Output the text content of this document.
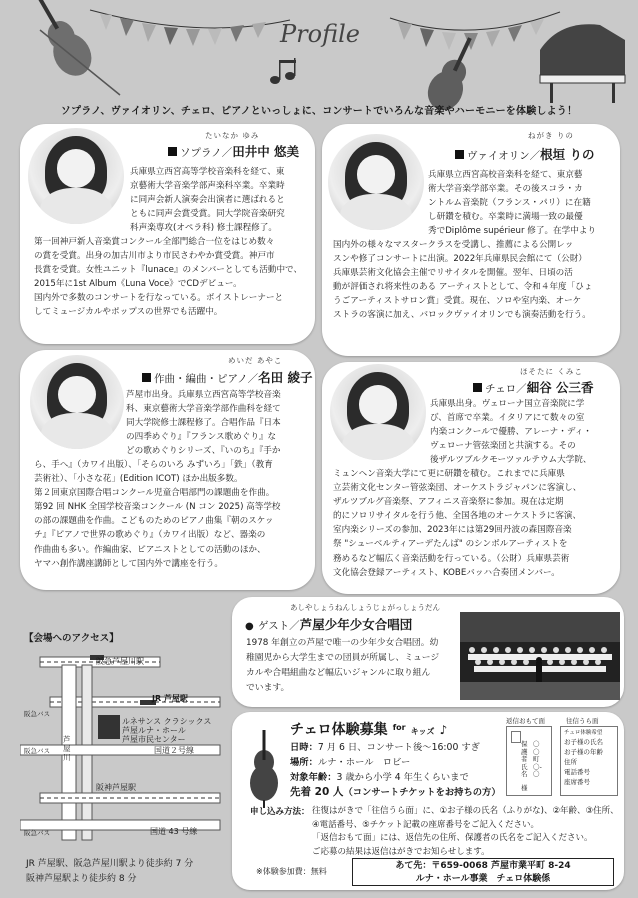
Profile
ソプラノ、ヴァイオリン、チェロ、ピアノといっしょに、コンサートでいろんな音楽やハーモニーを体験しよう！
たいなか ゆみ
ソプラノ／田井中 悠美

兵庫県立西宮高等学校音楽科を経て、東

京藝術大学音楽学部声楽科卒業。卒業時

に同声会新人演奏会出演者に選ばれると

ともに同声会賞受賞。同大学院音楽研究

科声楽専攻(オペラ科) 修士課程修了。

第一回神戸新人音楽賞コンクール全部門総合一位をはじめ数々

の賞を受賞。出身の加古川市より市民さわやか賞受賞。神戸市

長賞を受賞。女性ユニット『lunace』のメンバーとしても活動中で、

2015年に1st Album《Luna Voce》でCDデビュー。

国内外で多数のコンサートを行なっている。ボイストレーナーと

してミュージカルやポップスの世界でも活躍中。

ねがき りの
ヴァイオリン／根垣 りの

兵庫県立西宮高校音楽科を経て、東京藝

術大学音楽学部卒業。その後スコラ・カ

ントルム音楽院（フランス・パリ）に在籍

し研鑽を積む。卒業時に満場一致の最優

秀でDiplôme supérieur 修了。在学中より

国内外の様々なマスタークラスを受講し、推薦による公開レッ

スンや修了コンサートに出演。2022年兵庫県民会館にて（公財）

兵庫県芸術文化協会主催でリサイタルを開催。翌年、日頃の活

動が評価され将来性のある アーティストとして、令和４年度「ひょ

うごアーティストサロン賞」受賞。現在、ソロや室内楽、オーケ

ストラの客演に加え、バロックヴァイオリンでも演奏活動を行う。

めいだ あやこ
作曲・編曲・ピアノ／名田 綾子

芦屋市出身。兵庫県立西宮高等学校音楽

科、東京藝術大学音楽学部作曲科を経て

同大学院修士課程修了。合唱作品『日本

の四季めぐり』『フランス歌めぐり』な

どの歌めぐりシリーズ、『いのち』『手か

ら、手へ』（カワイ出版）、「そらのいろ みずいろ」「鉄」（教育

芸術社）、「小さな花」(Edition ICOT) ほか出版多数。

第２回東京国際合唱コンクール児童合唱部門の課題曲を作曲。

第92 回 NHK 全国学校音楽コンクール (N コン 2025) 高等学校

の部の課題曲を作曲。こどものためのピアノ曲集『朝のスケッ

チ』『ピアノで世界の歌めぐり』（カワイ出版）など、器楽の

作曲曲も多い。作編曲家、ピアニストとしての活動のほか、

ヤマハ創作講座講師として国内外で講座を行う。

ほそたに くみこ
チェロ／細谷 公三香

兵庫県出身。ヴェローナ国立音楽院に学

び、首席で卒業。イタリアにて数々の室

内楽コンクールで優勝、アレーナ・ディ・

ヴェローナ管弦楽団と共演する。その

後ザルツブルクモーツァルテウム大学院、

ミュンヘン音楽大学にて更に研鑽を積む。これまでに兵庫県

立芸術文化センター管弦楽団、オーケストラジャパンに客演し、

ザルツブルグ音楽祭、アフィニス音楽祭に参加。現在は定期

的にソロリサイタルを行う他、全国各地のオーケストラに客演、

室内楽シリーズの参加、2023年には第29回丹波の森国際音楽

祭 "シューベルティアーデたんば" のシンボルアーティストを

務めるなど幅広く音楽活動を行っている。（公財）兵庫県芸術

文化協会登録アーティスト、KOBEバッハ合奏団メンバー。

あしやしょうねんしょうじょがっしょうだん
● ゲスト／芦屋少年少女合唱団

1978 年創立の芦屋で唯一の少年少女合唱団。幼

稚園児から大学生までの団員が所属し、ミュージ

カルや合唱組曲など幅広いジャンルに取り組ん

でいます。

【会場へのアクセス】
阪急芦屋川駅
JR 芦屋駅
ルネサンス クラシックス
芦屋ルナ・ホール
芦屋市民センター
国道２号線
阪神芦屋駅
国道 43 号線
芦屋川
阪急バス
阪急バス
阪急バス
JR 芦屋駅、阪急芦屋川駅より徒歩約 7 分
阪神芦屋駅より徒歩約 8 分
チェロ体験募集 $^{for}$ キッズ ♪
日時：7 月 6 日、コンサート後～16:00 すぎ
場所：ルナ・ホール　ロビー
対象年齢：3 歳から小学 4 年生くらいまで
先着 20 人（コンサートチケットをお持ちの方）
返信おもて面
保護者氏名
〇〇町〇-〇
様
往信うら面
チェロ体験希望
お子様の氏名
お子様の年齢
住所
電話番号
座席番号
申し込み方法： 往復はがきで「往信うら面」に、①お子様の氏名（ふりがな)、②年齢、③住所、
④電話番号、⑤チケット記載の座席番号をご記入ください。
「返信おもて面」には、返信先の住所、保護者の氏名をご記入ください。
ご応募の結果は返信はがきでお知らせします。
※体験参加費：無料
あて先：〒659-0068 芦屋市業平町 8-24
ルナ・ホール事業　チェロ体験係
